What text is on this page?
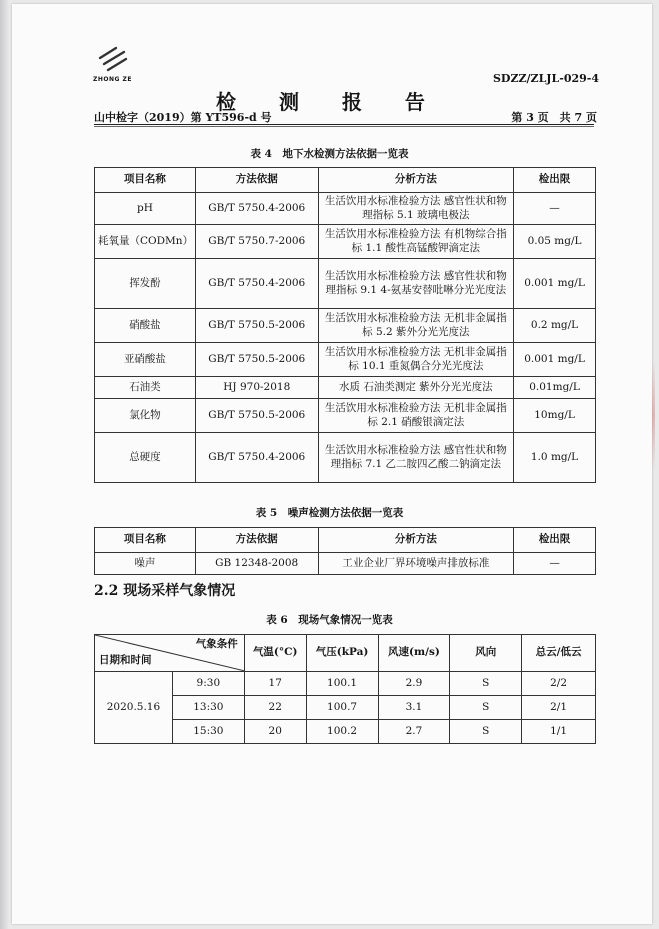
ZHONG ZE	SDZZ/ZLJL-029-4
检 测 报 告
山中检字（2019）第 YT596-d 号	第 3 页　共 7 页
表 4　地下水检测方法依据一览表
项目名称	方法依据	分析方法	检出限
pH	GB/T 5750.4-2006	生活饮用水标准检验方法 感官性状和物理指标 5.1 玻璃电极法	—
耗氧量（CODMn）	GB/T 5750.7-2006	生活饮用水标准检验方法 有机物综合指标 1.1 酸性高锰酸钾滴定法	0.05 mg/L
挥发酚	GB/T 5750.4-2006	生活饮用水标准检验方法 感官性状和物理指标 9.1 4-氨基安替吡啉分光光度法	0.001 mg/L
硝酸盐	GB/T 5750.5-2006	生活饮用水标准检验方法 无机非金属指标 5.2 紫外分光光度法	0.2 mg/L
亚硝酸盐	GB/T 5750.5-2006	生活饮用水标准检验方法 无机非金属指标 10.1 重氮偶合分光光度法	0.001 mg/L
石油类	HJ 970-2018	水质 石油类测定 紫外分光光度法	0.01mg/L
氯化物	GB/T 5750.5-2006	生活饮用水标准检验方法 无机非金属指标 2.1 硝酸银滴定法	10mg/L
总硬度	GB/T 5750.4-2006	生活饮用水标准检验方法 感官性状和物理指标 7.1 乙二胺四乙酸二钠滴定法	1.0 mg/L
表 5　噪声检测方法依据一览表
项目名称	方法依据	分析方法	检出限
噪声	GB 12348-2008	工业企业厂界环境噪声排放标准	—
2.2 现场采样气象情况
表 6　现场气象情况一览表
气象条件
日期和时间		气温(°C)	气压(kPa)	风速(m/s)	风向	总云/低云
2020.5.16	9:30	17	100.1	2.9	S	2/2
	13:30	22	100.7	3.1	S	2/1
	15:30	20	100.2	2.7	S	1/1
